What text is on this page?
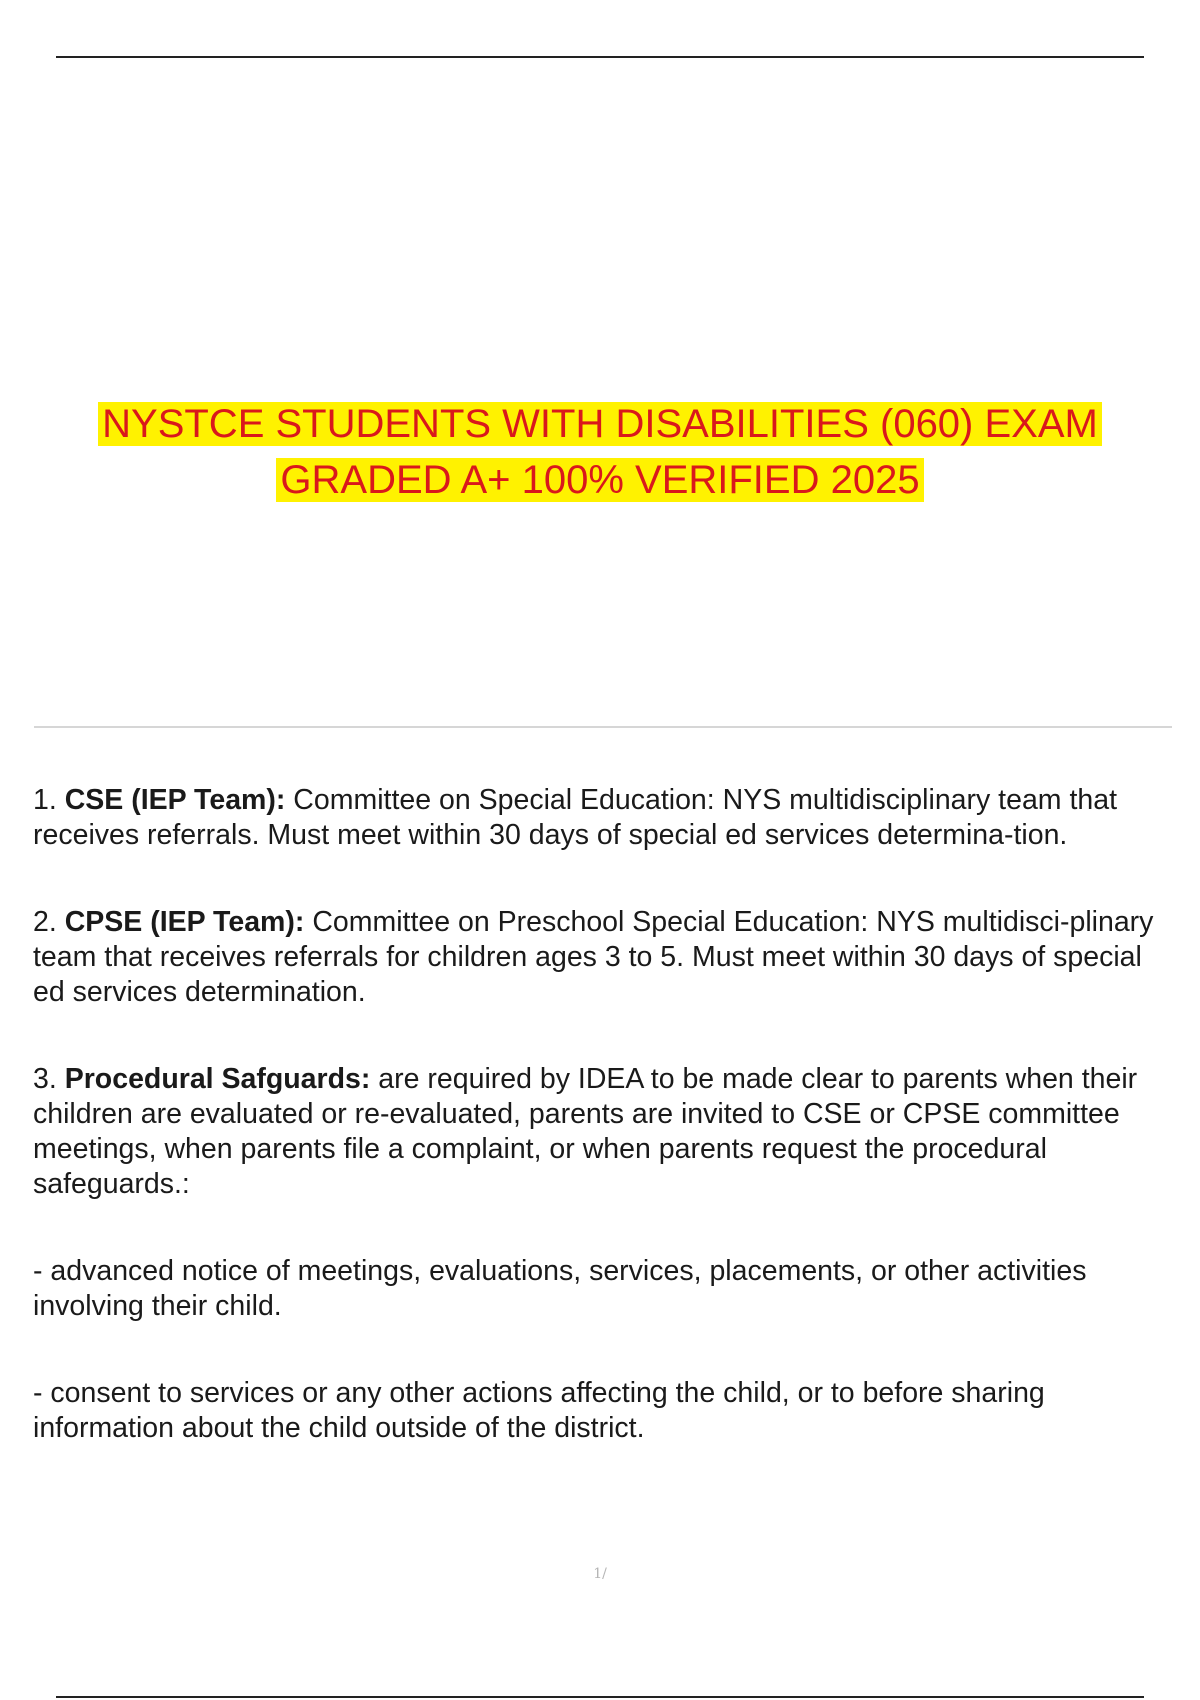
NYSTCE STUDENTS WITH DISABILITIES (060) EXAM
GRADED A+ 100% VERIFIED 2025

1. CSE (IEP Team): Committee on Special Education: NYS multidisciplinary team that receives referrals. Must meet within 30 days of special ed services determina-tion.

2. CPSE (IEP Team): Committee on Preschool Special Education: NYS multidisci-plinary team that receives referrals for children ages 3 to 5. Must meet within 30 days of special ed services determination.

3. Procedural Safguards: are required by IDEA to be made clear to parents when their children are evaluated or re-evaluated, parents are invited to CSE or CPSE committee meetings, when parents file a complaint, or when parents request the procedural safeguards.:

- advanced notice of meetings, evaluations, services, placements, or other activities involving their child.

- consent to services or any other actions affecting the child, or to before sharing information about the child outside of the district.

1/
